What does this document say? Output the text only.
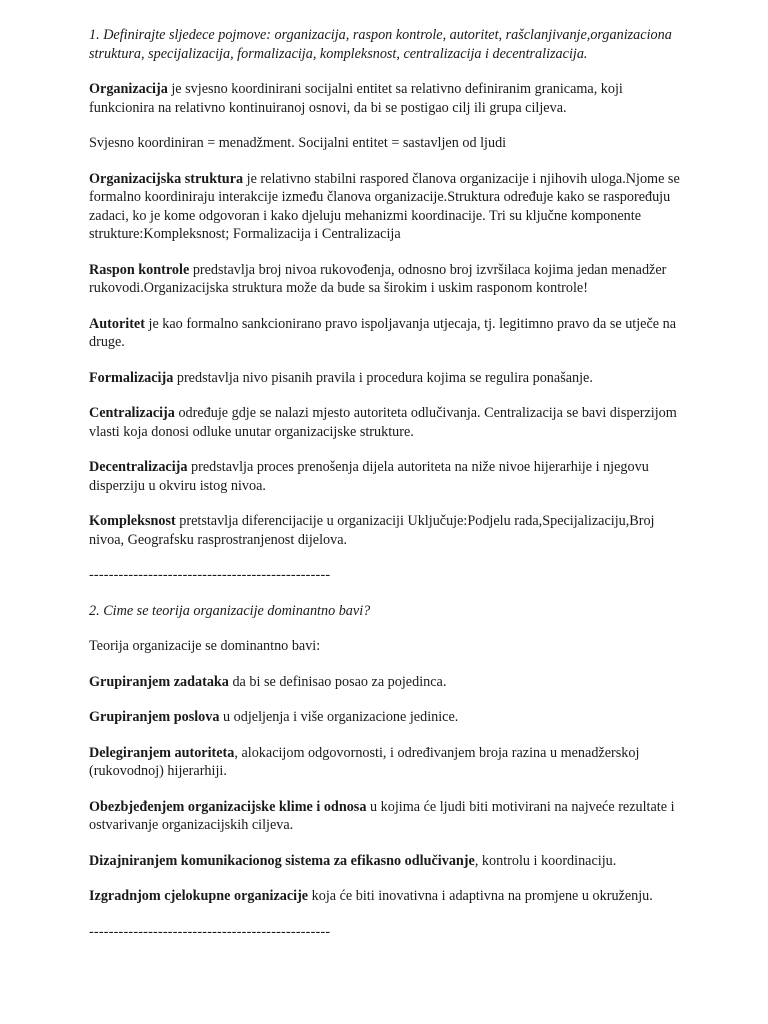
1. Definirajte sljedece pojmove: organizacija, raspon kontrole, autoritet, rašclanjivanje,organizaciona struktura, specijalizacija, formalizacija, kompleksnost, centralizacija i decentralizacija.

Organizacija je svjesno koordinirani socijalni entitet sa relativno definiranim granicama, koji funkcionira na relativno kontinuiranoj osnovi, da bi se postigao cilj ili grupa ciljeva.

Svjesno koordiniran = menadžment. Socijalni entitet = sastavljen od ljudi

Organizacijska struktura je relativno stabilni raspored članova organizacije i njihovih uloga.Njome se formalno koordiniraju interakcije između članova organizacije.Struktura određuje kako se raspoređuju zadaci, ko je kome odgovoran i kako djeluju mehanizmi koordinacije. Tri su ključne komponente strukture:Kompleksnost; Formalizacija i Centralizacija

Raspon kontrole predstavlja broj nivoa rukovođenja, odnosno broj izvršilaca kojima jedan menadžer rukovodi.Organizacijska struktura može da bude sa širokim i uskim rasponom kontrole!

Autoritet je kao formalno sankcionirano pravo ispoljavanja utjecaja, tj. legitimno pravo da se utječe na druge.

Formalizacija predstavlja nivo pisanih pravila i procedura kojima se regulira ponašanje.

Centralizacija određuje gdje se nalazi mjesto autoriteta odlučivanja. Centralizacija se bavi disperzijom vlasti koja donosi odluke unutar organizacijske strukture.

Decentralizacija predstavlja proces prenošenja dijela autoriteta na niže nivoe hijerarhije i njegovu disperziju u okviru istog nivoa.

Kompleksnost pretstavlja diferencijacije u organizaciji Uključuje:Podjelu rada,Specijalizaciju,Broj nivoa, Geografsku rasprostranjenost dijelova.

-------------------------------------------------

2. Cime se teorija organizacije dominantno bavi?

Teorija organizacije se dominantno bavi:

Grupiranjem zadataka da bi se definisao posao za pojedinca.

Grupiranjem poslova u odjeljenja i više organizacione jedinice.

Delegiranjem autoriteta, alokacijom odgovornosti, i određivanjem broja razina u menadžerskoj (rukovodnoj) hijerarhiji.

Obezbjeđenjem organizacijske klime i odnosa u kojima će ljudi biti motivirani na najveće rezultate i ostvarivanje organizacijskih ciljeva.

Dizajniranjem komunikacionog sistema za efikasno odlučivanje, kontrolu i koordinaciju.

Izgradnjom cjelokupne organizacije koja će biti inovativna i adaptivna na promjene u okruženju.

-------------------------------------------------
